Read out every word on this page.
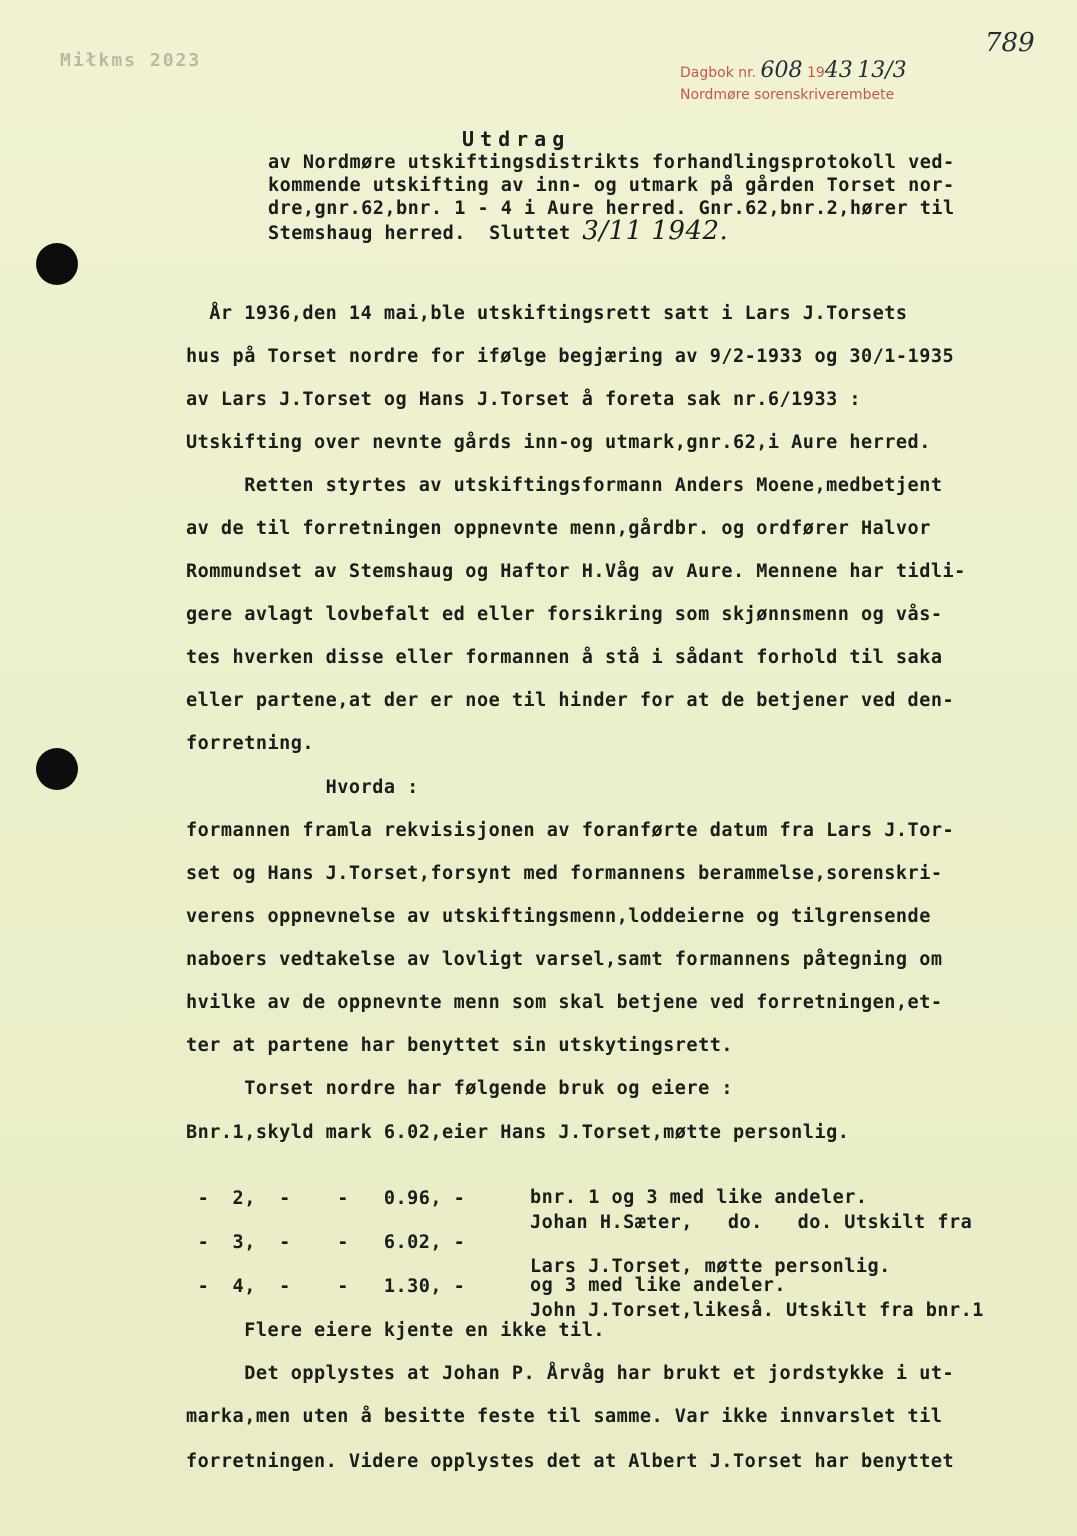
Miłkms 2023
Dagbok nr. 608 1943 13/3
Nordmøre sorenskriverembete
789

Utdrag

av Nordmøre utskiftingsdistrikts forhandlingsprotokoll ved-

kommende utskifting av inn- og utmark på gården Torset nor-

dre,gnr.62,bnr. 1 - 4 i Aure herred. Gnr.62,bnr.2,hører til

Stemshaug herred.  Sluttet 3/11 1942.

År 1936,den 14 mai,ble utskiftingsrett satt i Lars J.Torsets

hus på Torset nordre for ifølge begjæring av 9/2-1933 og 30/1-1935

av Lars J.Torset og Hans J.Torset å foreta sak nr.6/1933 :

Utskifting over nevnte gårds inn-og utmark,gnr.62,i Aure herred.

Retten styrtes av utskiftingsformann Anders Moene,medbetjent

av de til forretningen oppnevnte menn,gårdbr. og ordfører Halvor

Rommundset av Stemshaug og Haftor H.Våg av Aure. Mennene har tidli-

gere avlagt lovbefalt ed eller forsikring som skjønnsmenn og vås-

tes hverken disse eller formannen å stå i sådant forhold til saka

eller partene,at der er noe til hinder for at de betjener ved den-

forretning.

Hvorda :

formannen framla rekvisisjonen av foranførte datum fra Lars J.Tor-

set og Hans J.Torset,forsynt med formannens berammelse,sorenskri-

verens oppnevnelse av utskiftingsmenn,loddeierne og tilgrensende

naboers vedtakelse av lovligt varsel,samt formannens påtegning om

hvilke av de oppnevnte menn som skal betjene ved forretningen,et-

ter at partene har benyttet sin utskytingsrett.

Torset nordre har følgende bruk og eiere :

Bnr.1,skyld mark 6.02,eier Hans J.Torset,møtte personlig.

-  2,  -    -   0.96, -

Johan H.Sæter,   do.   do. Utskilt fra

bnr. 1 og 3 med like andeler.

-  3,  -    -   6.02, -

Lars J.Torset, møtte personlig.

-  4,  -    -   1.30, -

John J.Torset,likeså. Utskilt fra bnr.1

og 3 med like andeler.

Flere eiere kjente en ikke til.

Det opplystes at Johan P. Årvåg har brukt et jordstykke i ut-

marka,men uten å besitte feste til samme. Var ikke innvarslet til

forretningen. Videre opplystes det at Albert J.Torset har benyttet
